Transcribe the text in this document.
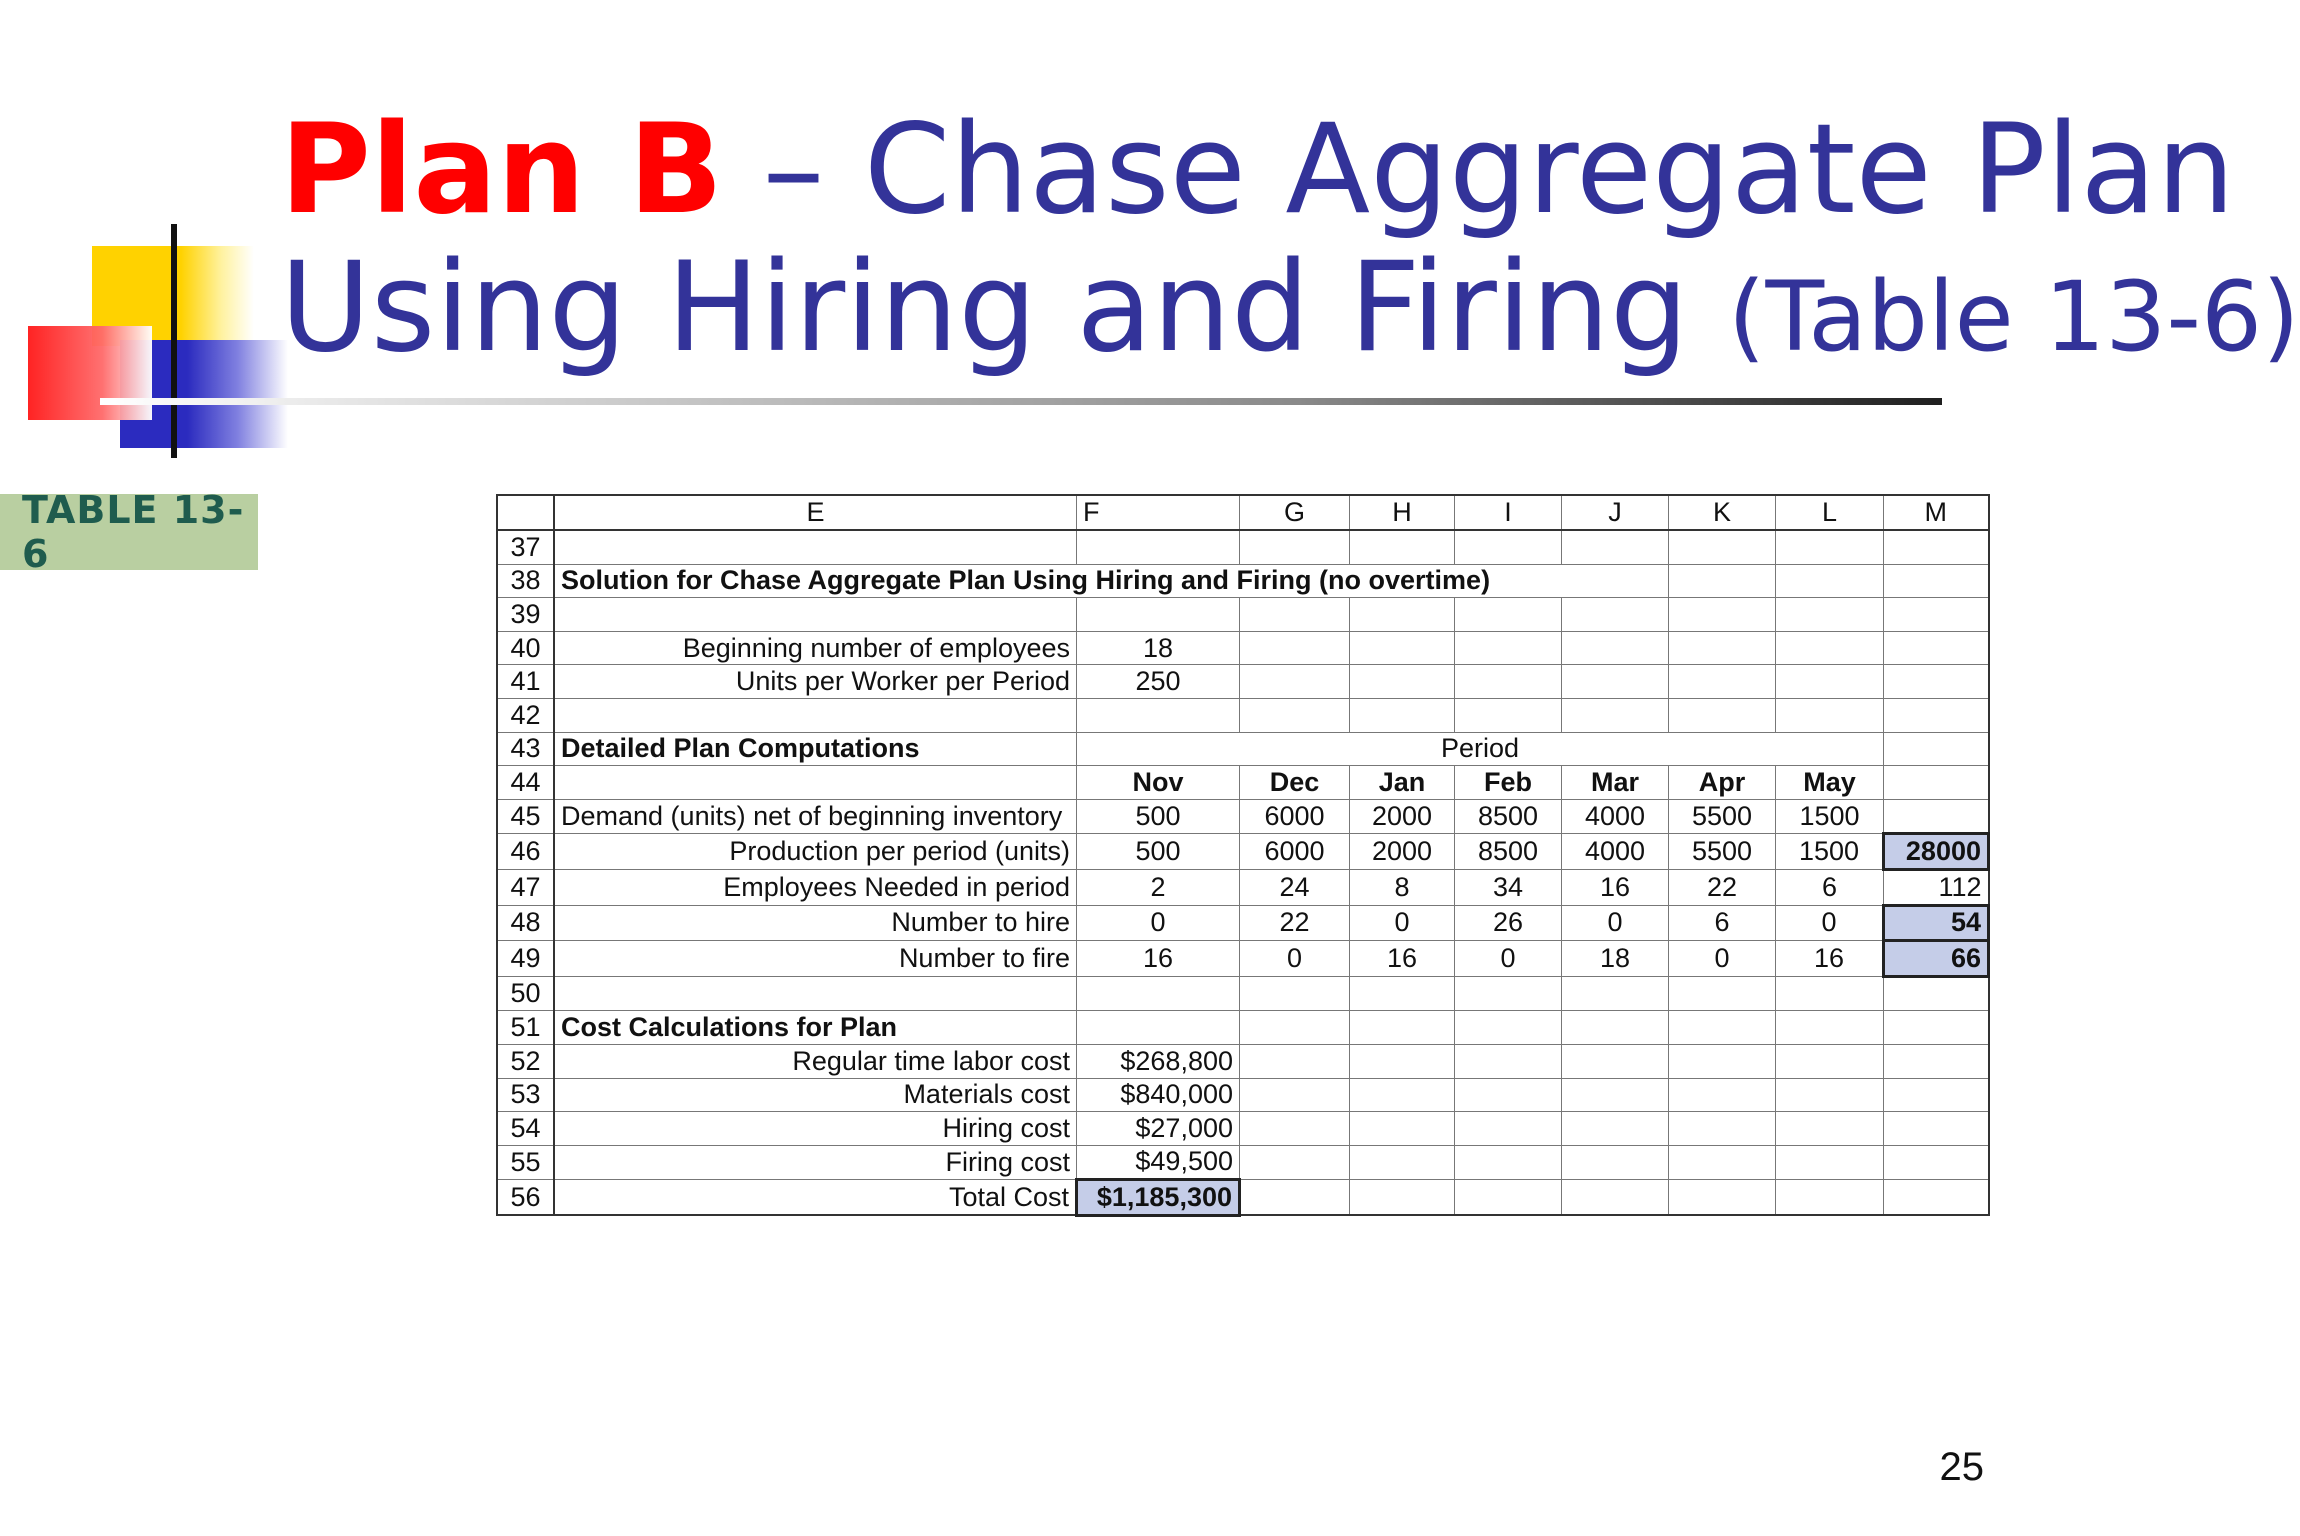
Plan B – Chase Aggregate Plan
Using Hiring and Firing (Table 13-6)
TABLE 13-6
	E	F	G	H	I	J	K	L	M
37									
38	Solution for Chase Aggregate Plan Using Hiring and Firing (no overtime)								
39									
40	Beginning number of employees	18							
41	Units per Worker per Period	250							
42									
43	Detailed Plan Computations	Period							
44		Nov	Dec	Jan	Feb	Mar	Apr	May	
45	Demand (units) net of beginning inventory	500	6000	2000	8500	4000	5500	1500	
46	Production per period (units)	500	6000	2000	8500	4000	5500	1500	28000
47	Employees Needed in period	2	24	8	34	16	22	6	112
48	Number to hire	0	22	0	26	0	6	0	54
49	Number to fire	16	0	16	0	18	0	16	66
50									
51	Cost Calculations for Plan								
52	Regular time labor cost	$268,800							
53	Materials cost	$840,000							
54	Hiring cost	$27,000							
55	Firing cost	$49,500							
56	Total Cost	$1,185,300							
25
